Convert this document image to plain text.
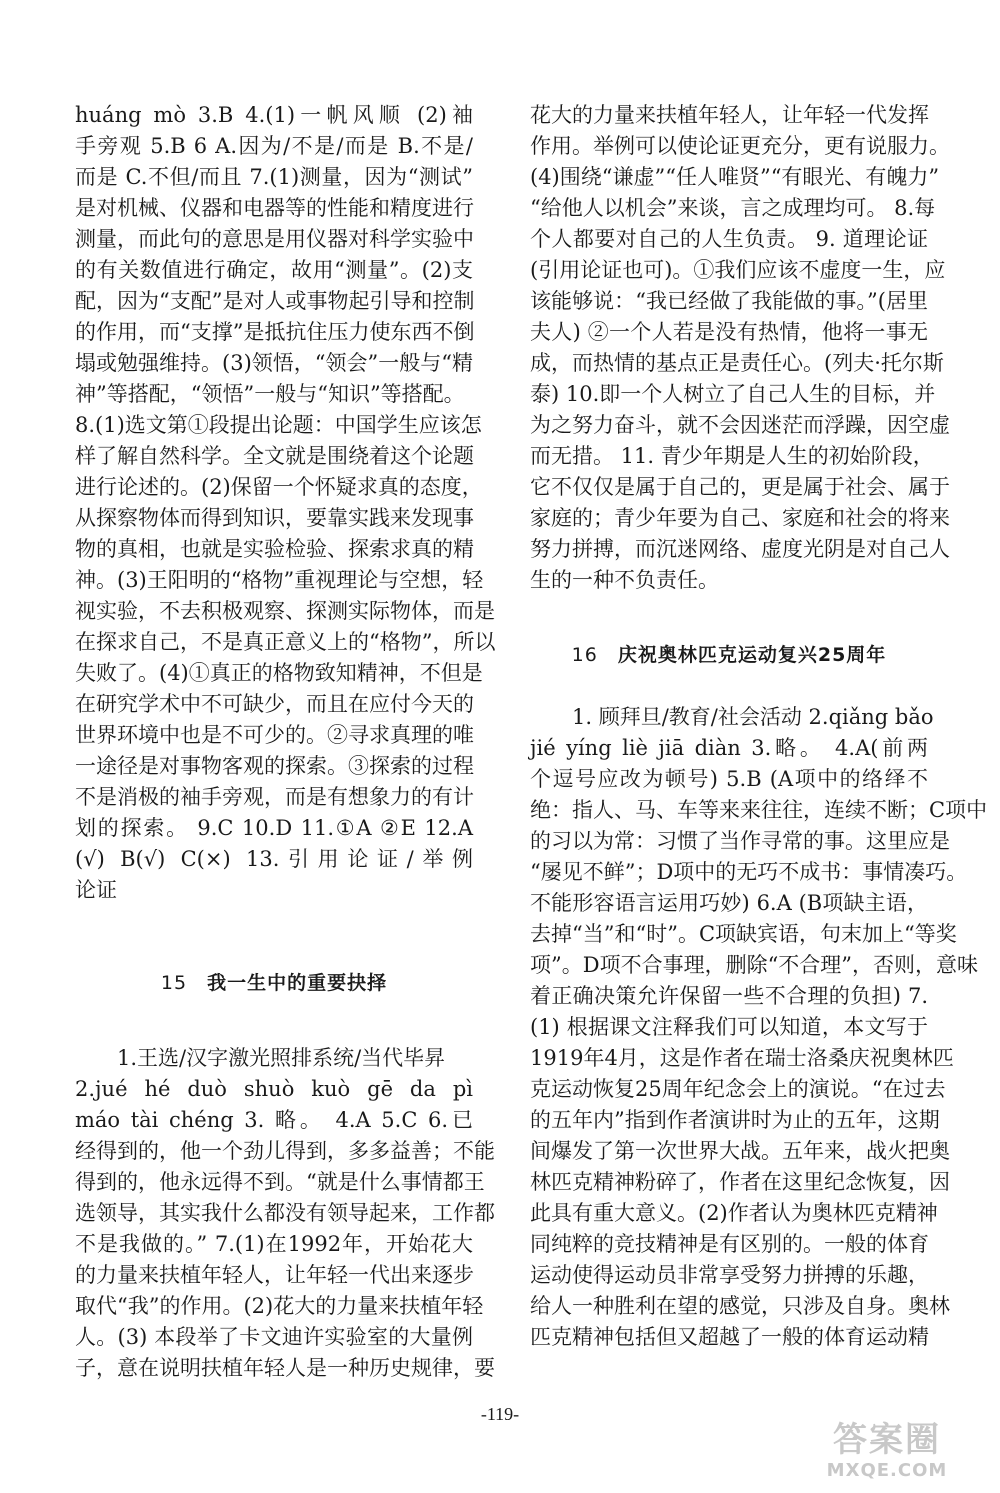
huáng mò 3.B 4.(1)一帆风顺 (2)袖
手旁观 5.B 6 A.因为/不是/而是 B.不是/
而是 C.不但/而且 7.(1)测量，因为“测试”
是对机械、仪器和电器等的性能和精度进行
测量，而此句的意思是用仪器对科学实验中
的有关数值进行确定，故用“测量”。(2)支
配，因为“支配”是对人或事物起引导和控制
的作用，而“支撑”是抵抗住压力使东西不倒
塌或勉强维持。(3)领悟，“领会”一般与“精
神”等搭配，“领悟”一般与“知识”等搭配。
8.(1)选文第①段提出论题：中国学生应该怎
样了解自然科学。全文就是围绕着这个论题
进行论述的。(2)保留一个怀疑求真的态度，
从探察物体而得到知识，要靠实践来发现事
物的真相，也就是实验检验、探索求真的精
神。(3)王阳明的“格物”重视理论与空想，轻
视实验，不去积极观察、探测实际物体，而是
在探求自己，不是真正意义上的“格物”，所以
失败了。(4)①真正的格物致知精神，不但是
在研究学术中不可缺少，而且在应付今天的
世界环境中也是不可少的。②寻求真理的唯
一途径是对事物客观的探索。③探索的过程
不是消极的袖手旁观，而是有想象力的有计
划的探索。 9.C 10.D 11.①A ②E 12.A
(√) B(√) C(×) 13.引用论证/举例
论证
15 我一生中的重要抉择
1.王选/汉字激光照排系统/当代毕昇
2.jué hé duò shuò kuò gē da pì
máo tài chéng 3. 略。 4.A 5.C 6.已
经得到的，他一个劲儿得到，多多益善；不能
得到的，他永远得不到。“就是什么事情都王
选领导，其实我什么都没有领导起来，工作都
不是我做的。” 7.(1)在1992年，开始花大
的力量来扶植年轻人，让年轻一代出来逐步
取代“我”的作用。(2)花大的力量来扶植年轻
人。(3) 本段举了卡文迪许实验室的大量例
子，意在说明扶植年轻人是一种历史规律，要
花大的力量来扶植年轻人，让年轻一代发挥
作用。举例可以使论证更充分，更有说服力。
(4)围绕“谦虚”“任人唯贤”“有眼光、有魄力”
“给他人以机会”来谈，言之成理均可。 8.每
个人都要对自己的人生负责。 9. 道理论证
(引用论证也可)。①我们应该不虚度一生，应
该能够说：“我已经做了我能做的事。”(居里
夫人) ②一个人若是没有热情，他将一事无
成，而热情的基点正是责任心。(列夫·托尔斯
泰) 10.即一个人树立了自己人生的目标，并
为之努力奋斗，就不会因迷茫而浮躁，因空虚
而无措。 11. 青少年期是人生的初始阶段，
它不仅仅是属于自己的，更是属于社会、属于
家庭的；青少年要为自己、家庭和社会的将来
努力拼搏，而沉迷网络、虚度光阴是对自己人
生的一种不负责任。
16 庆祝奥林匹克运动复兴25周年
1. 顾拜旦/教育/社会活动 2.qiǎng bǎo
jié yíng liè jiā diàn 3.略。 4.A(前两
个逗号应改为顿号) 5.B (A项中的络绎不
绝：指人、马、车等来来往往，连续不断；C项中
的习以为常：习惯了当作寻常的事。这里应是
“屡见不鲜”；D项中的无巧不成书：事情凑巧。
不能形容语言运用巧妙) 6.A (B项缺主语，
去掉“当”和“时”。C项缺宾语，句末加上“等奖
项”。D项不合事理，删除“不合理”，否则，意味
着正确决策允许保留一些不合理的负担) 7.
(1) 根据课文注释我们可以知道，本文写于
1919年4月，这是作者在瑞士洛桑庆祝奥林匹
克运动恢复25周年纪念会上的演说。“在过去
的五年内”指到作者演讲时为止的五年，这期
间爆发了第一次世界大战。五年来，战火把奥
林匹克精神粉碎了，作者在这里纪念恢复，因
此具有重大意义。(2)作者认为奥林匹克精神
同纯粹的竞技精神是有区别的。一般的体育
运动使得运动员非常享受努力拼搏的乐趣，
给人一种胜利在望的感觉，只涉及自身。奥林
匹克精神包括但又超越了一般的体育运动精
-119-
答案圈
MXQE.COM
